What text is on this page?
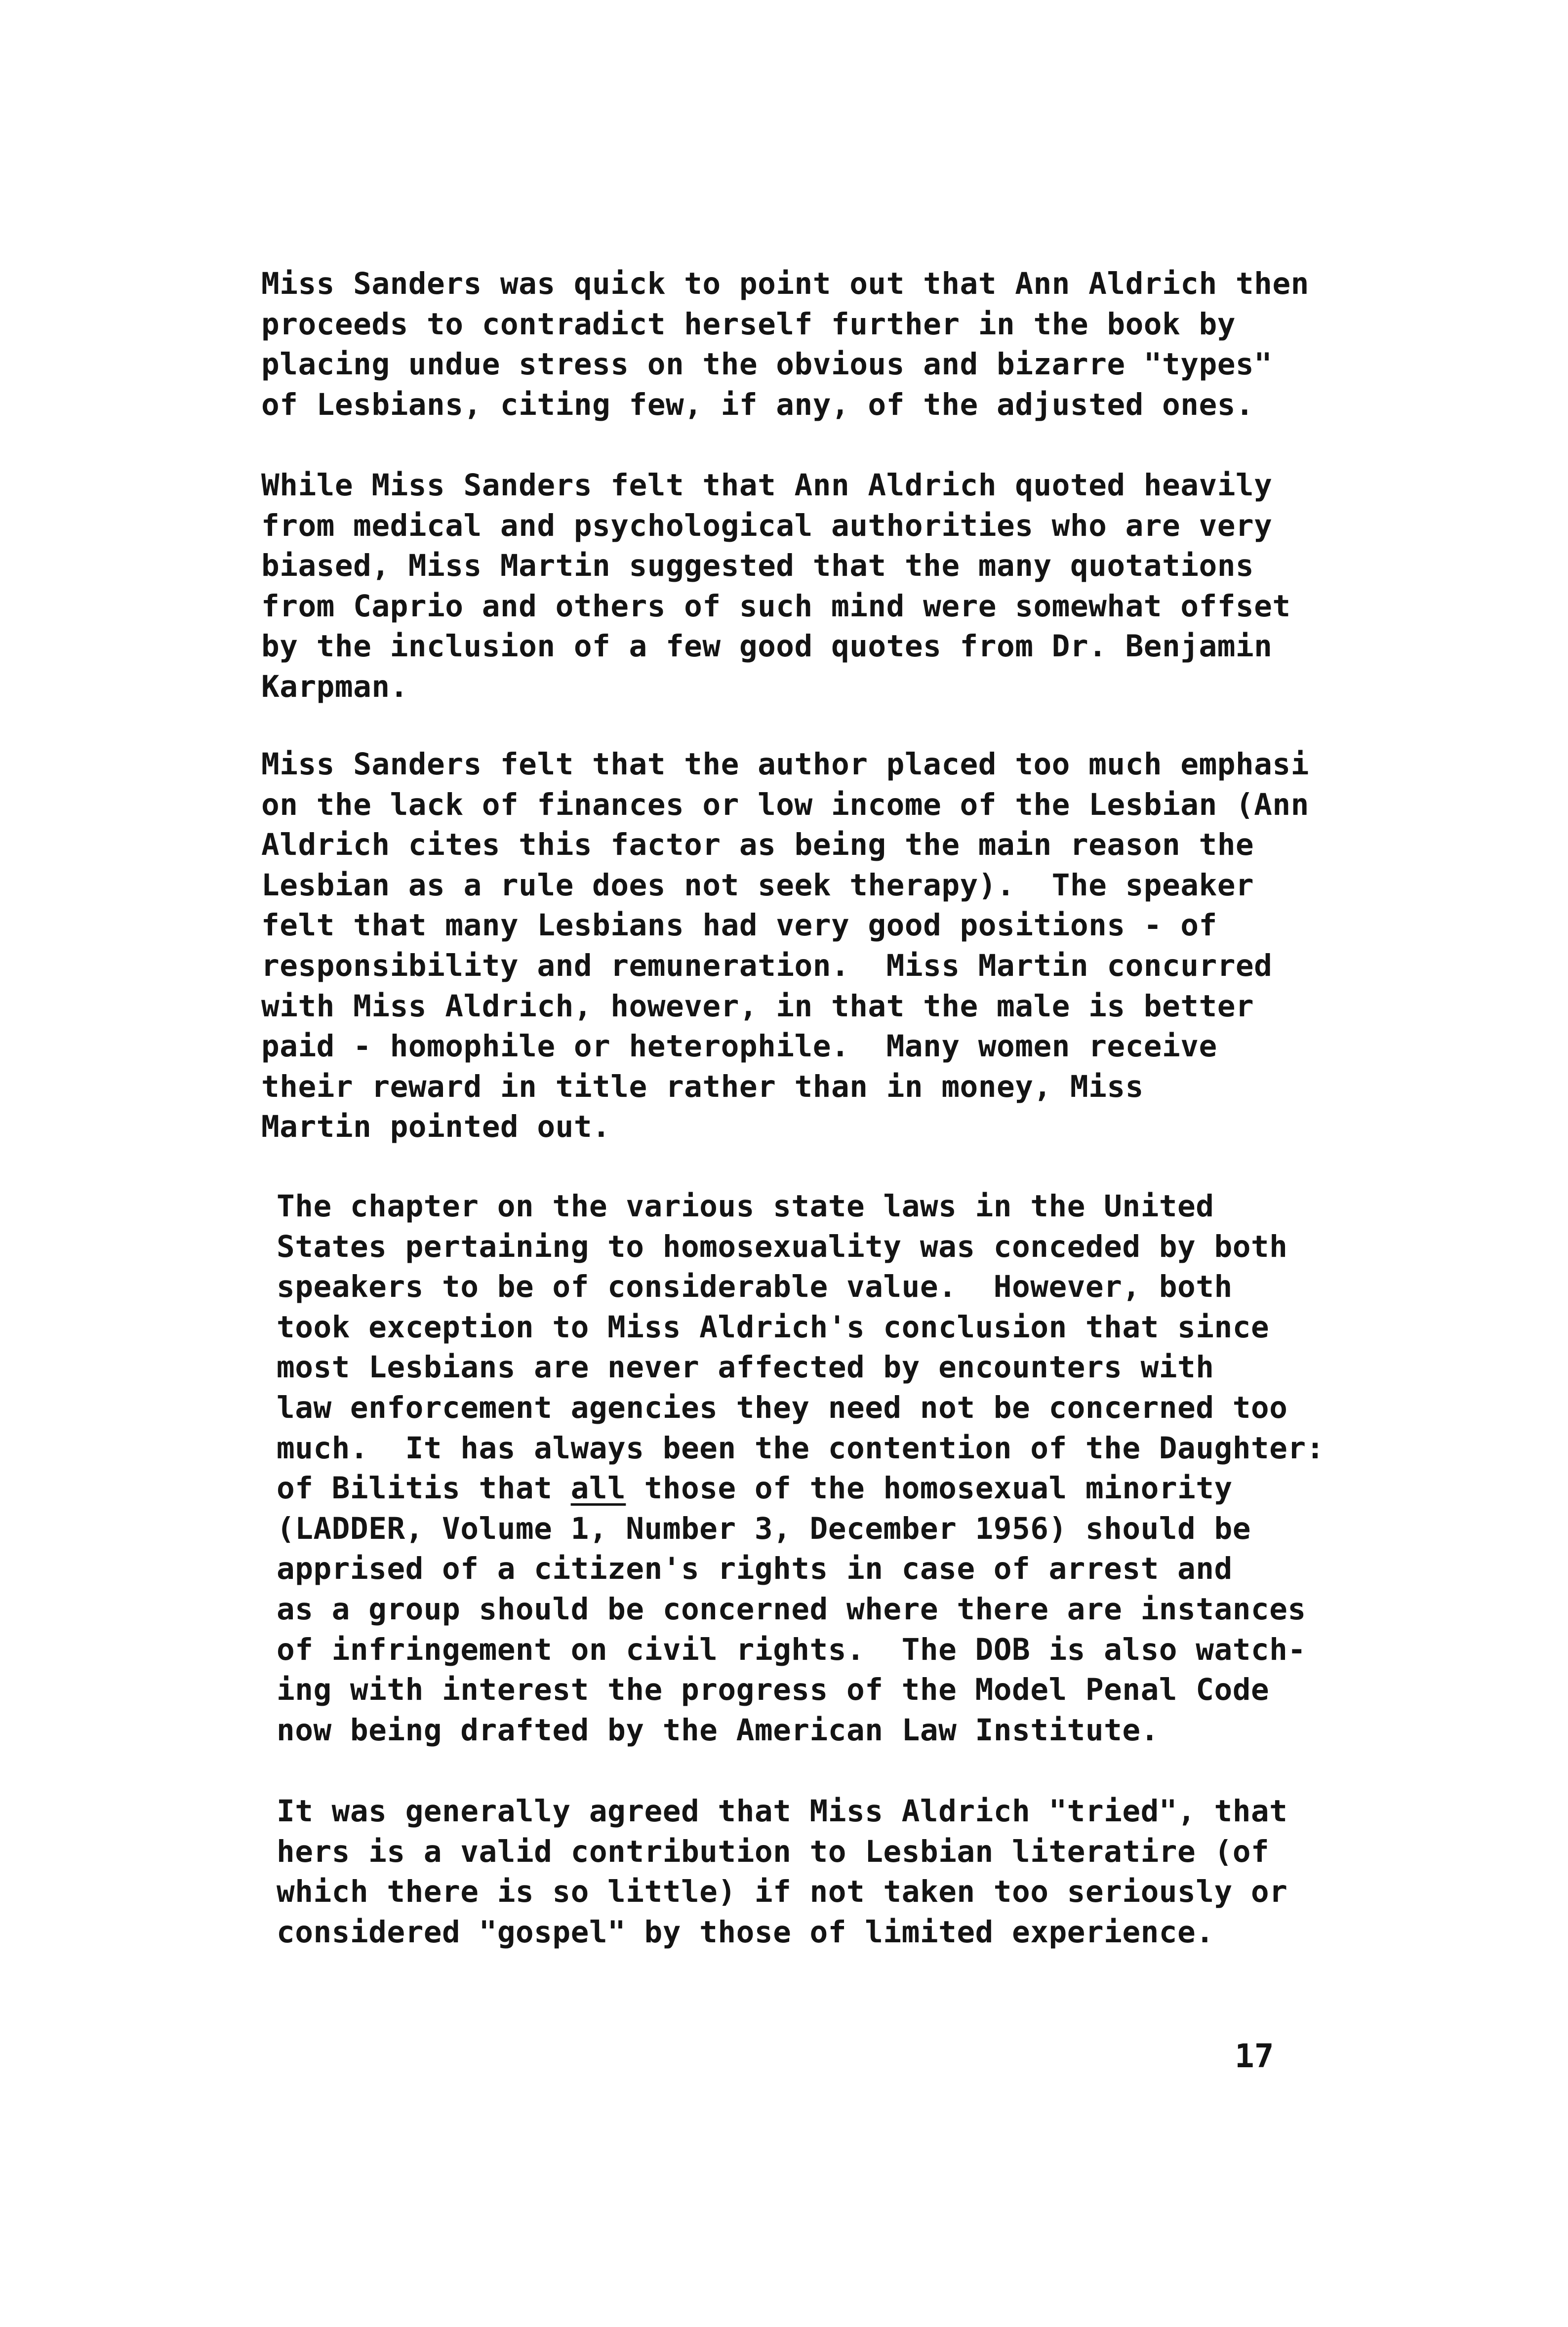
Miss Sanders was quick to point out that Ann Aldrich then
proceeds to contradict herself further in the book by
placing undue stress on the obvious and bizarre "types"
of Lesbians, citing few, if any, of the adjusted ones.
While Miss Sanders felt that Ann Aldrich quoted heavily
from medical and psychological authorities who are very
biased, Miss Martin suggested that the many quotations
from Caprio and others of such mind were somewhat offset
by the inclusion of a few good quotes from Dr. Benjamin
Karpman.
Miss Sanders felt that the author placed too much emphasi
on the lack of finances or low income of the Lesbian (Ann
Aldrich cites this factor as being the main reason the
Lesbian as a rule does not seek therapy).  The speaker
felt that many Lesbians had very good positions - of
responsibility and remuneration.  Miss Martin concurred
with Miss Aldrich, however, in that the male is better
paid - homophile or heterophile.  Many women receive
their reward in title rather than in money, Miss
Martin pointed out.
The chapter on the various state laws in the United
States pertaining to homosexuality was conceded by both
speakers to be of considerable value.  However, both
took exception to Miss Aldrich's conclusion that since
most Lesbians are never affected by encounters with
law enforcement agencies they need not be concerned too
much.  It has always been the contention of the Daughter:
of Bilitis that all those of the homosexual minority
(LADDER, Volume 1, Number 3, December 1956) should be
apprised of a citizen's rights in case of arrest and
as a group should be concerned where there are instances
of infringement on civil rights.  The DOB is also watch-
ing with interest the progress of the Model Penal Code
now being drafted by the American Law Institute.
It was generally agreed that Miss Aldrich "tried", that
hers is a valid contribution to Lesbian literatire (of
which there is so little) if not taken too seriously or
considered "gospel" by those of limited experience.
17
